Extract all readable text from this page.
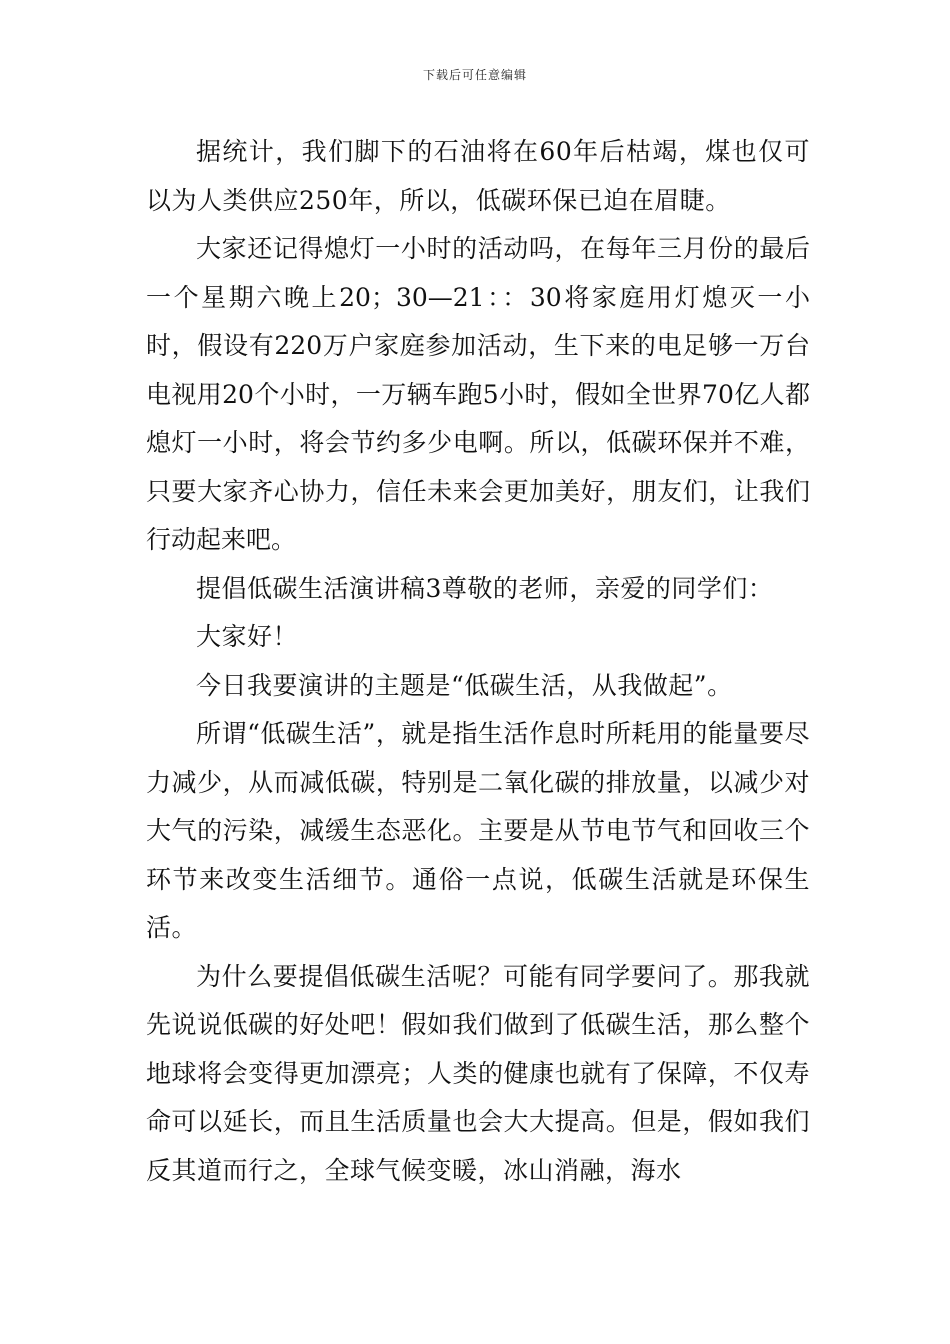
下载后可任意编辑

据统计，我们脚下的石油将在60年后枯竭，煤也仅可以为人类供应250年，所以，低碳环保已迫在眉睫。

大家还记得熄灯一小时的活动吗，在每年三月份的最后一个星期六晚上20；30—21：：30将家庭用灯熄灭一小时，假设有220万户家庭参加活动，生下来的电足够一万台电视用20个小时，一万辆车跑5小时，假如全世界70亿人都熄灯一小时，将会节约多少电啊。所以，低碳环保并不难，只要大家齐心协力，信任未来会更加美好，朋友们，让我们行动起来吧。

提倡低碳生活演讲稿3尊敬的老师，亲爱的同学们：

大家好！

今日我要演讲的主题是“低碳生活，从我做起”。

所谓“低碳生活”，就是指生活作息时所耗用的能量要尽力减少，从而减低碳，特别是二氧化碳的排放量，以减少对大气的污染，减缓生态恶化。主要是从节电节气和回收三个环节来改变生活细节。通俗一点说，低碳生活就是环保生活。

为什么要提倡低碳生活呢？可能有同学要问了。那我就先说说低碳的好处吧！假如我们做到了低碳生活，那么整个地球将会变得更加漂亮；人类的健康也就有了保障，不仅寿命可以延长，而且生活质量也会大大提高。但是，假如我们反其道而行之，全球气候变暖，冰山消融，海水
